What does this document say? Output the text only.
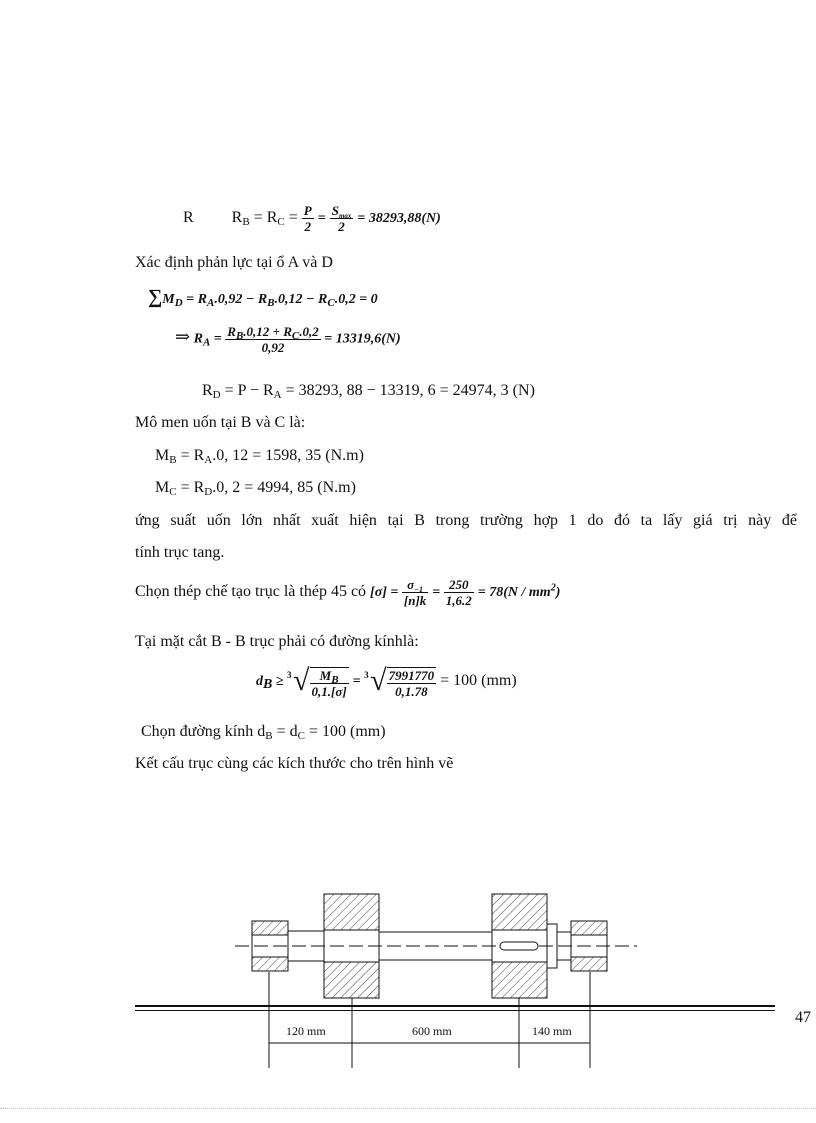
R $R_B = R_C = \frac{P}{2} = \frac{S_{max}}{2} = 38293,88(N)$
Xác định phản lực tại ổ A và D
$\sum M_D = R_A.0,92 - R_B.0,12 - R_C.0,2 = 0$
⇒ $R_A = \frac{R_B.0,12 + R_C.0,2}{0,92} = 13319,6(N)$
$R_D = P - R_A = 38293$, 88 − 13319, 6 = 24974, 3 (N)
Mô men uốn tại B và C là:
$M_B = R_A.0$, 12 = 1598, 35 (N.m)
$M_C = R_D.0$, 2 = 4994, 85 (N.m)
ứng suất uốn lớn nhất xuất hiện tại B trong trường hợp 1 do đó ta lấy giá trị này để
tính trục tang.
Chọn thép chế tạo trục là thép 45 có $[\sigma] = \frac{\sigma_{-1}}{[n]k} = \frac{250}{1,6.2} = 78(N / mm^2)$
Tại mặt cắt B - B trục phải có đường kínhlà:
$d_B \ge 3$ √ $\frac{M_B}{0,1.[\sigma]} = 3$ √ $\frac{7991770}{0,1.78} = 100$ (mm)
Chọn đường kính $d_B = d_C = 100$ (mm)
Kết cấu trục cùng các kích thước cho trên hình vẽ
120 mm	600 mm	140 mm
47
